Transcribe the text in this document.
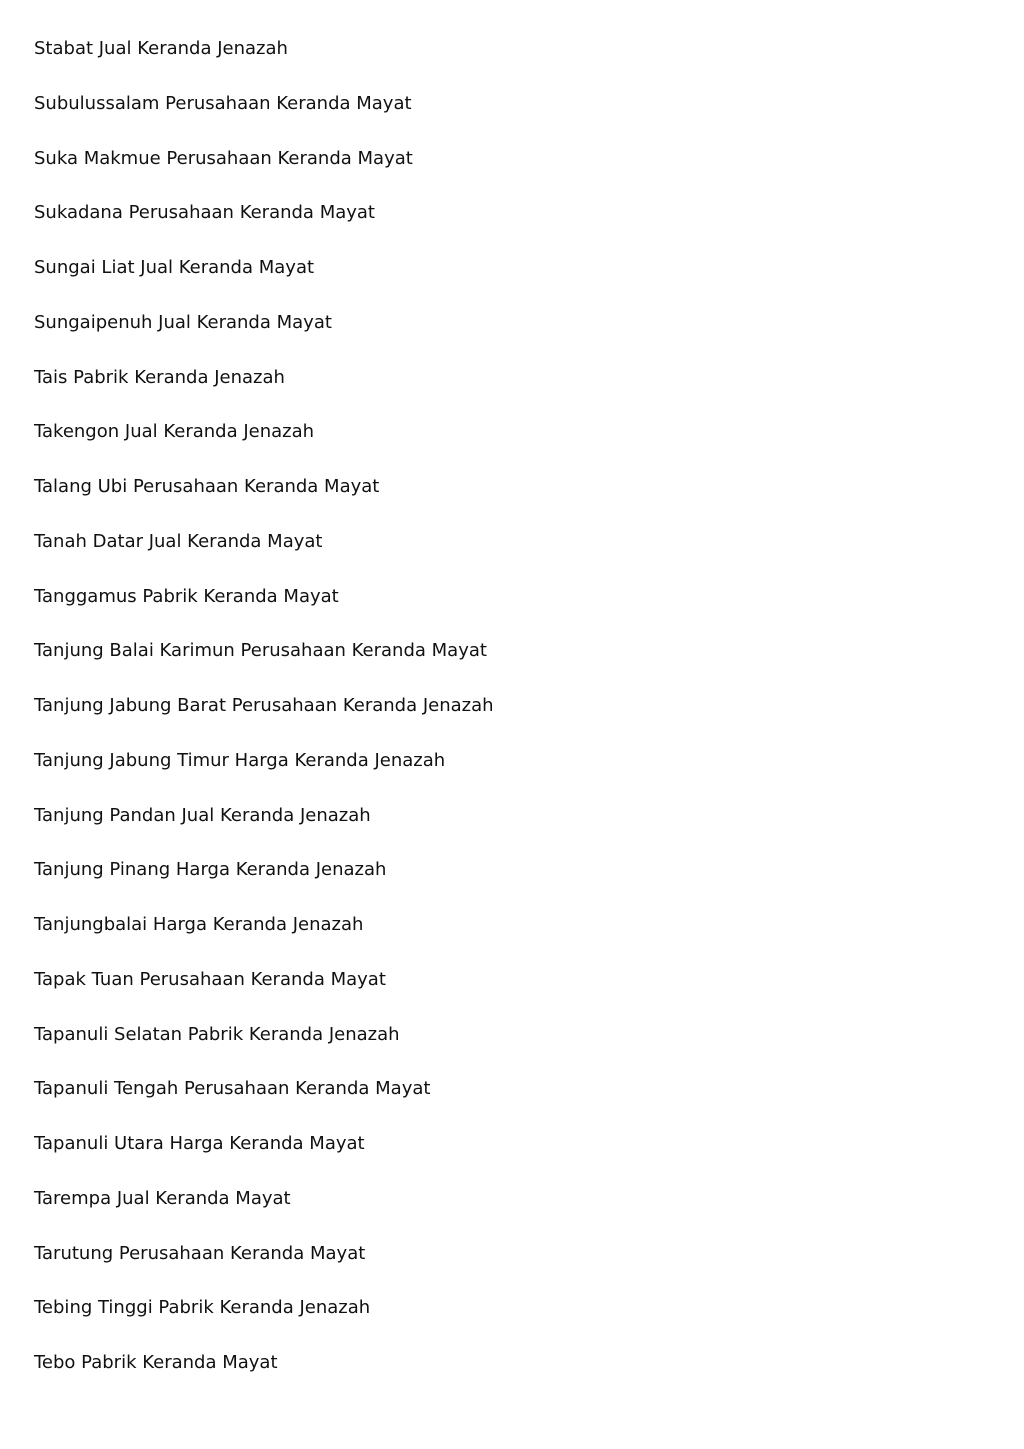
Stabat Jual Keranda Jenazah
Subulussalam Perusahaan Keranda Mayat
Suka Makmue Perusahaan Keranda Mayat
Sukadana Perusahaan Keranda Mayat
Sungai Liat Jual Keranda Mayat
Sungaipenuh Jual Keranda Mayat
Tais Pabrik Keranda Jenazah
Takengon Jual Keranda Jenazah
Talang Ubi Perusahaan Keranda Mayat
Tanah Datar Jual Keranda Mayat
Tanggamus Pabrik Keranda Mayat
Tanjung Balai Karimun Perusahaan Keranda Mayat
Tanjung Jabung Barat Perusahaan Keranda Jenazah
Tanjung Jabung Timur Harga Keranda Jenazah
Tanjung Pandan Jual Keranda Jenazah
Tanjung Pinang Harga Keranda Jenazah
Tanjungbalai Harga Keranda Jenazah
Tapak Tuan Perusahaan Keranda Mayat
Tapanuli Selatan Pabrik Keranda Jenazah
Tapanuli Tengah Perusahaan Keranda Mayat
Tapanuli Utara Harga Keranda Mayat
Tarempa Jual Keranda Mayat
Tarutung Perusahaan Keranda Mayat
Tebing Tinggi Pabrik Keranda Jenazah
Tebo Pabrik Keranda Mayat
